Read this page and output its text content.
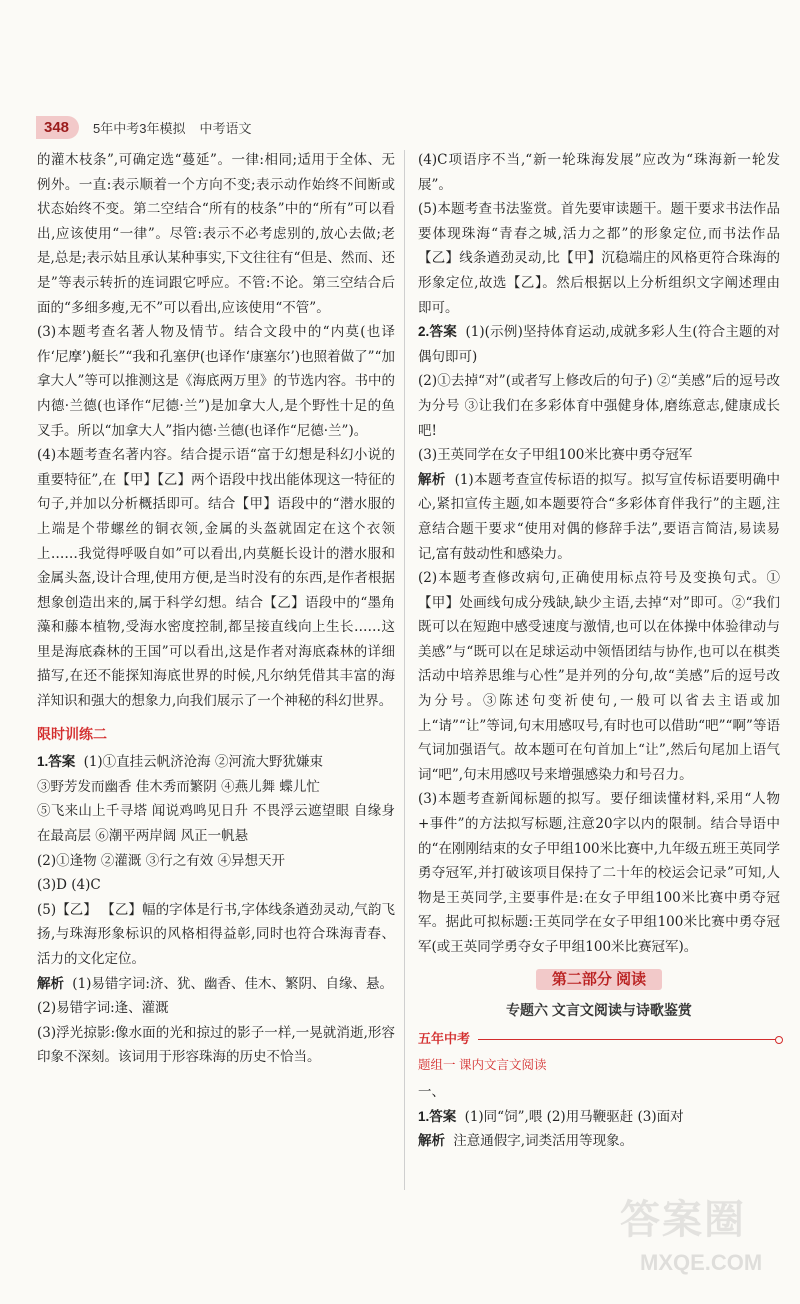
348	5年中考3年模拟 中考语文

的灌木枝条”,可确定选“蔓延”。一律:相同;适用于全体、无例外。一直:表示顺着一个方向不变;表示动作始终不间断或状态始终不变。第二空结合“所有的枝条”中的“所有”可以看出,应该使用“一律”。尽管:表示不必考虑别的,放心去做;老是,总是;表示姑且承认某种事实,下文往往有“但是、然而、还是”等表示转折的连词跟它呼应。不管:不论。第三空结合后面的“多细多瘦,无不”可以看出,应该使用“不管”。

(3)本题考查名著人物及情节。结合文段中的“内莫(也译作‘尼摩’)艇长”“我和孔塞伊(也译作‘康塞尔’)也照着做了”“加拿大人”等可以推测这是《海底两万里》的节选内容。书中的内德·兰德(也译作“尼德·兰”)是加拿大人,是个野性十足的鱼叉手。所以“加拿大人”指内德·兰德(也译作“尼德·兰”)。

(4)本题考查名著内容。结合提示语“富于幻想是科幻小说的重要特征”,在【甲】【乙】两个语段中找出能体现这一特征的句子,并加以分析概括即可。结合【甲】语段中的“潜水服的上端是个带螺丝的铜衣领,金属的头盔就固定在这个衣领上……我觉得呼吸自如”可以看出,内莫艇长设计的潜水服和金属头盔,设计合理,使用方便,是当时没有的东西,是作者根据想象创造出来的,属于科学幻想。结合【乙】语段中的“墨角藻和藤本植物,受海水密度控制,都呈接直线向上生长……这里是海底森林的王国”可以看出,这是作者对海底森林的详细描写,在还不能探知海底世界的时候,凡尔纳凭借其丰富的海洋知识和强大的想象力,向我们展示了一个神秘的科幻世界。

限时训练二

1.答案 (1)①直挂云帆济沧海 ②河流大野犹嫌束

③野芳发而幽香 佳木秀而繁阴 ④燕儿舞 蝶儿忙

⑤飞来山上千寻塔 闻说鸡鸣见日升 不畏浮云遮望眼 自缘身在最高层 ⑥潮平两岸阔 风正一帆悬

(2)①逢物 ②灌溉 ③行之有效 ④异想天开

(3)D (4)C

(5)【乙】 【乙】幅的字体是行书,字体线条遒劲灵动,气韵飞扬,与珠海形象标识的风格相得益彰,同时也符合珠海青春、活力的文化定位。

解析 (1)易错字词:济、犹、幽香、佳木、繁阴、自缘、悬。

(2)易错字词:逢、灌溉

(3)浮光掠影:像水面的光和掠过的影子一样,一晃就消逝,形容印象不深刻。该词用于形容珠海的历史不恰当。

(4)C项语序不当,“新一轮珠海发展”应改为“珠海新一轮发展”。

(5)本题考查书法鉴赏。首先要审读题干。题干要求书法作品要体现珠海“青春之城,活力之都”的形象定位,而书法作品【乙】线条遒劲灵动,比【甲】沉稳端庄的风格更符合珠海的形象定位,故选【乙】。然后根据以上分析组织文字阐述理由即可。

2.答案 (1)(示例)坚持体育运动,成就多彩人生(符合主题的对偶句即可)

(2)①去掉“对”(或者写上修改后的句子) ②“美感”后的逗号改为分号 ③让我们在多彩体育中强健身体,磨练意志,健康成长吧!

(3)王英同学在女子甲组100米比赛中勇夺冠军

解析 (1)本题考查宣传标语的拟写。拟写宣传标语要明确中心,紧扣宣传主题,如本题要符合“多彩体育伴我行”的主题,注意结合题干要求“使用对偶的修辞手法”,要语言简洁,易读易记,富有鼓动性和感染力。

(2)本题考查修改病句,正确使用标点符号及变换句式。①【甲】处画线句成分残缺,缺少主语,去掉“对”即可。②“我们既可以在短跑中感受速度与激情,也可以在体操中体验律动与美感”与“既可以在足球运动中领悟团结与协作,也可以在棋类活动中培养思维与心性”是并列的分句,故“美感”后的逗号改为分号。③陈述句变祈使句,一般可以省去主语或加上“请”“让”等词,句末用感叹号,有时也可以借助“吧”“啊”等语气词加强语气。故本题可在句首加上“让”,然后句尾加上语气词“吧”,句末用感叹号来增强感染力和号召力。

(3)本题考查新闻标题的拟写。要仔细读懂材料,采用“人物+事件”的方法拟写标题,注意20字以内的限制。结合导语中的“在刚刚结束的女子甲组100米比赛中,九年级五班王英同学勇夺冠军,并打破该项目保持了二十年的校运会记录”可知,人物是王英同学,主要事件是:在女子甲组100米比赛中勇夺冠军。据此可拟标题:王英同学在女子甲组100米比赛中勇夺冠军(或王英同学勇夺女子甲组100米比赛冠军)。

第二部分 阅读
专题六 文言文阅读与诗歌鉴赏
五年中考
题组一 课内文言文阅读

一、

1.答案 (1)同“饲”,喂 (2)用马鞭驱赶 (3)面对

解析 注意通假字,词类活用等现象。

答案圈
MXQE.COM
